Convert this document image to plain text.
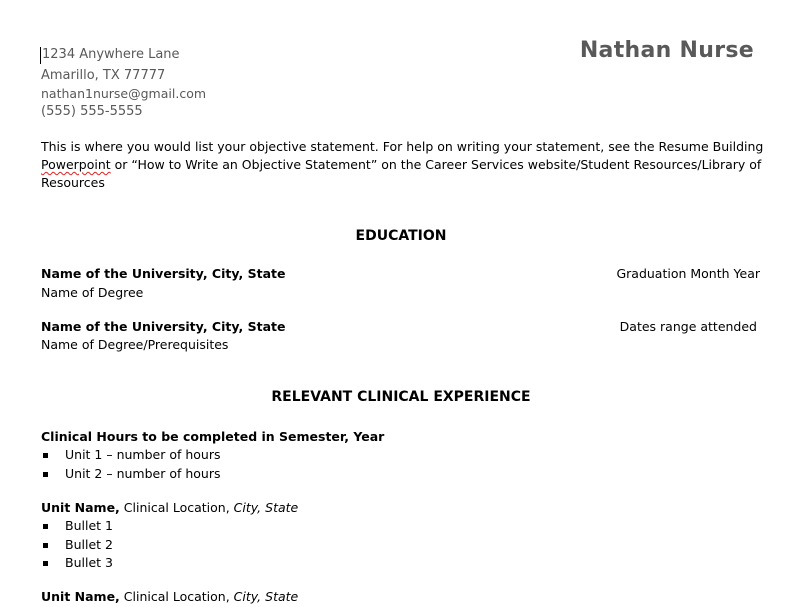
1234 Anywhere Lane
Amarillo, TX 77777
nathan1nurse@gmail.com
(555) 555-5555
Nathan Nurse
This is where you would list your objective statement. For help on writing your statement, see the Resume Building Powerpoint or “How to Write an Objective Statement” on the Career Services website/Student Resources/Library of Resources
EDUCATION
Name of the University, City, State	Graduation Month Year
Name of Degree
Name of the University, City, State	Dates range attended
Name of Degree/Prerequisites
RELEVANT CLINICAL EXPERIENCE
Clinical Hours to be completed in Semester, Year
Unit 1 – number of hours
Unit 2 – number of hours
Unit Name, Clinical Location, City, State
Bullet 1
Bullet 2
Bullet 3
Unit Name, Clinical Location, City, State
